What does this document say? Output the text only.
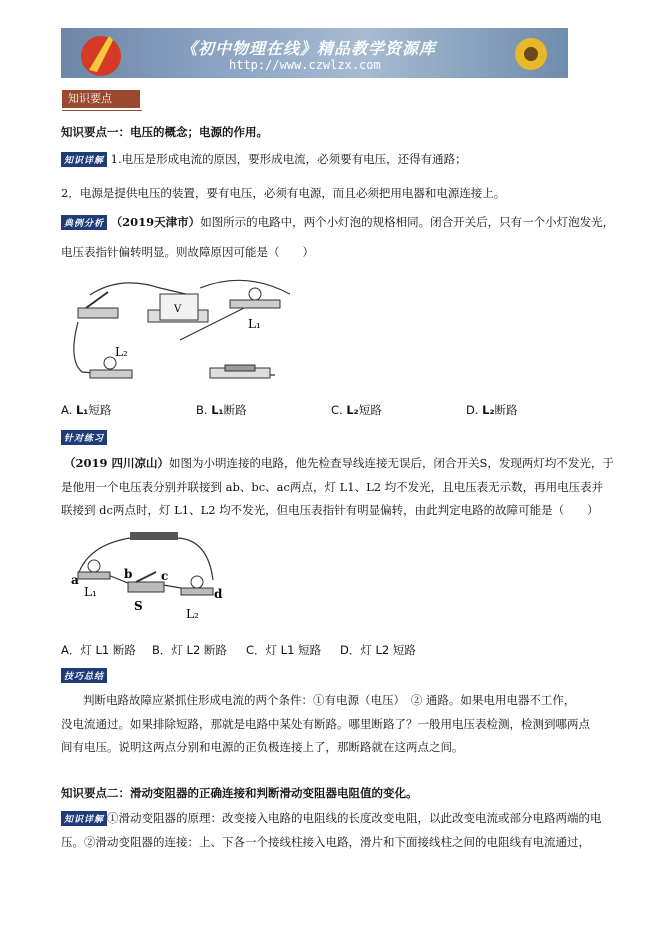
《初中物理在线》精品教学资源库
http://www.czwlzx.com
知识要点
知识要点一：电压的概念；电源的作用。
知识详解 1.电压是形成电流的原因，要形成电流，必须要有电压，还得有通路；
2．电源是提供电压的装置，要有电压，必须有电源，而且必须把用电器和电源连接上。
典例分析 （2019天津市）如图所示的电路中，两个小灯泡的规格相同。闭合开关后，只有一个小灯泡发光，
电压表指针偏转明显。则故障原因可能是（　　）
V
L₁
L₂
A. L₁短路	B. L₁断路	C. L₂短路	D. L₂断路
针对练习
（2019 四川凉山）如图为小明连接的电路，他先检查导线连接无误后，闭合开关S，发现两灯均不发光，于
是他用一个电压表分别并联接到 ab、bc、ac两点，灯 L1、L2 均不发光，且电压表无示数，再用电压表并
联接到 dc两点时，灯 L1、L2 均不发光，但电压表指针有明显偏转，由此判定电路的故障可能是（　　）
a	b c
d
L₁
S
L₂
A．灯 L1 断路 B．灯 L2 断路 C．灯 L1 短路 D．灯 L2 短路
技巧总结
判断电路故障应紧抓住形成电流的两个条件：①有电源（电压）　② 通路。如果电用电器不工作，
没电流通过。如果排除短路，那就是电路中某处有断路。哪里断路了？一般用电压表检测，检测到哪两点
间有电压。说明这两点分别和电源的正负极连接上了，那断路就在这两点之间。
知识要点二：滑动变阻器的正确连接和判断滑动变阻器电阻值的变化。
知识详解 ①滑动变阻器的原理：改变接入电路的电阻线的长度改变电阻，以此改变电流或部分电路两端的电
压。②滑动变阻器的连接：上、下各一个接线柱接入电路，滑片和下面接线柱之间的电阻线有电流通过，
